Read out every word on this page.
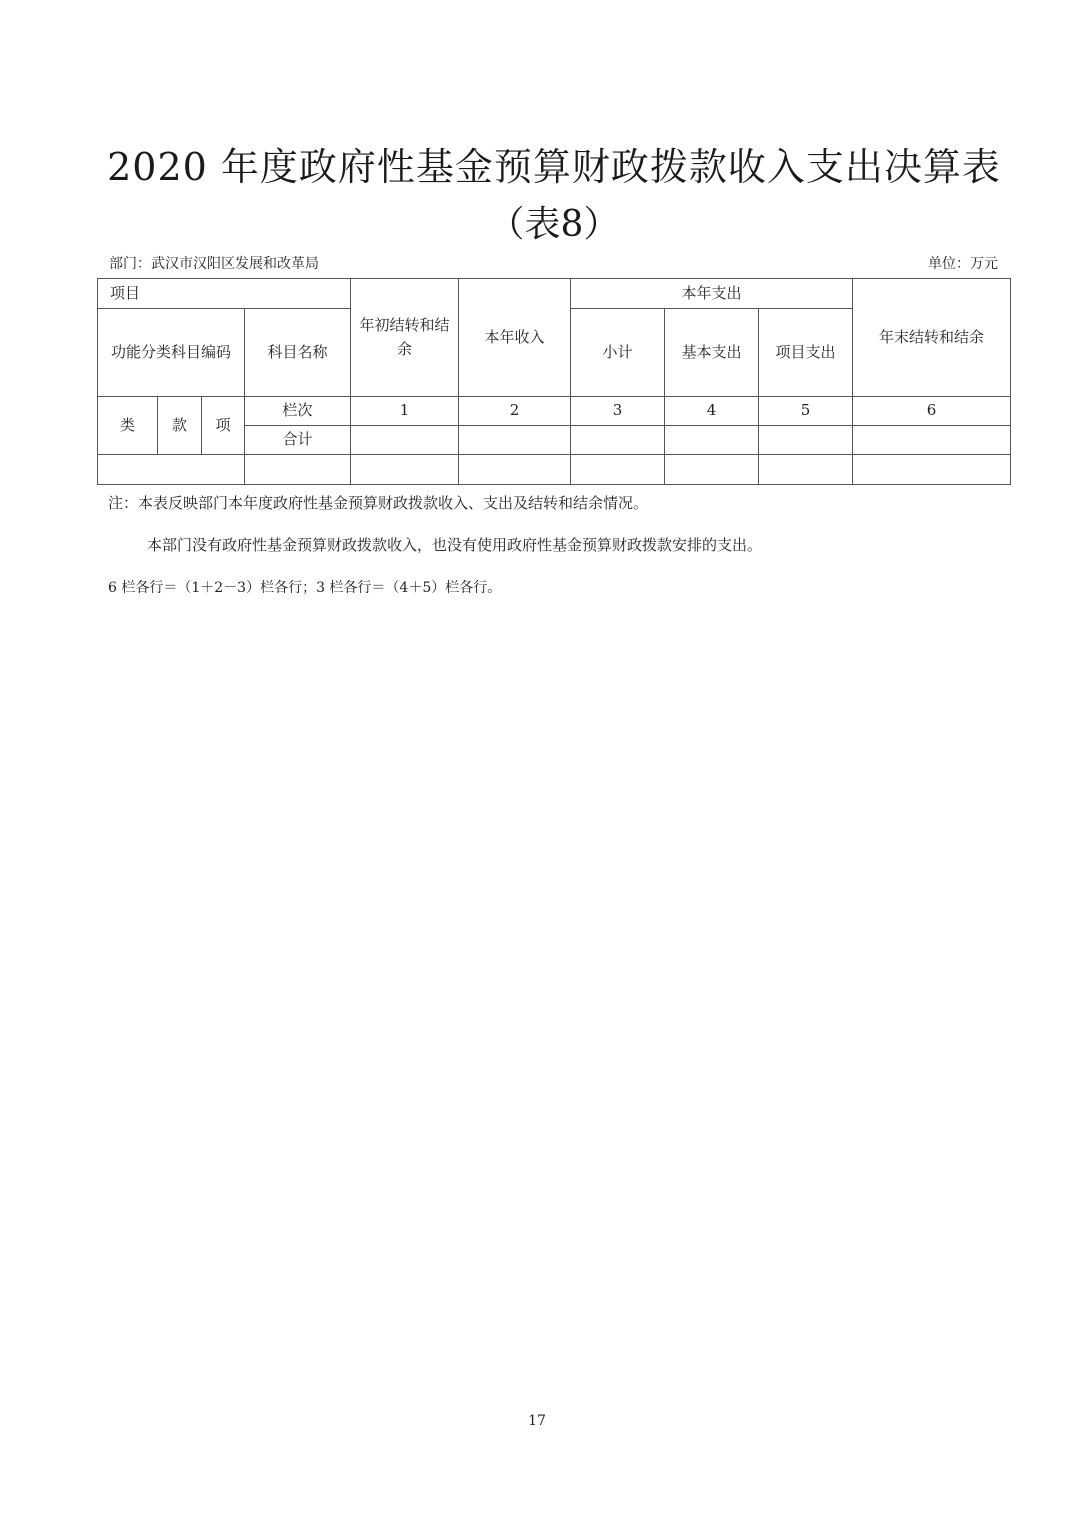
2020 年度政府性基金预算财政拨款收入支出决算表
（表8）
部门：武汉市汉阳区发展和改革局	单位：万元
项目				年初结转和结余	本年收入	本年支出			年末结转和结余
功能分类科目编码			科目名称			小计	基本支出	项目支出	
类	款	项	栏次	1	2	3	4	5	6
			合计						

注：本表反映部门本年度政府性基金预算财政拨款收入、支出及结转和结余情况。
本部门没有政府性基金预算财政拨款收入，也没有使用政府性基金预算财政拨款安排的支出。
6 栏各行＝（1＋2－3）栏各行；3 栏各行＝（4＋5）栏各行。
17
